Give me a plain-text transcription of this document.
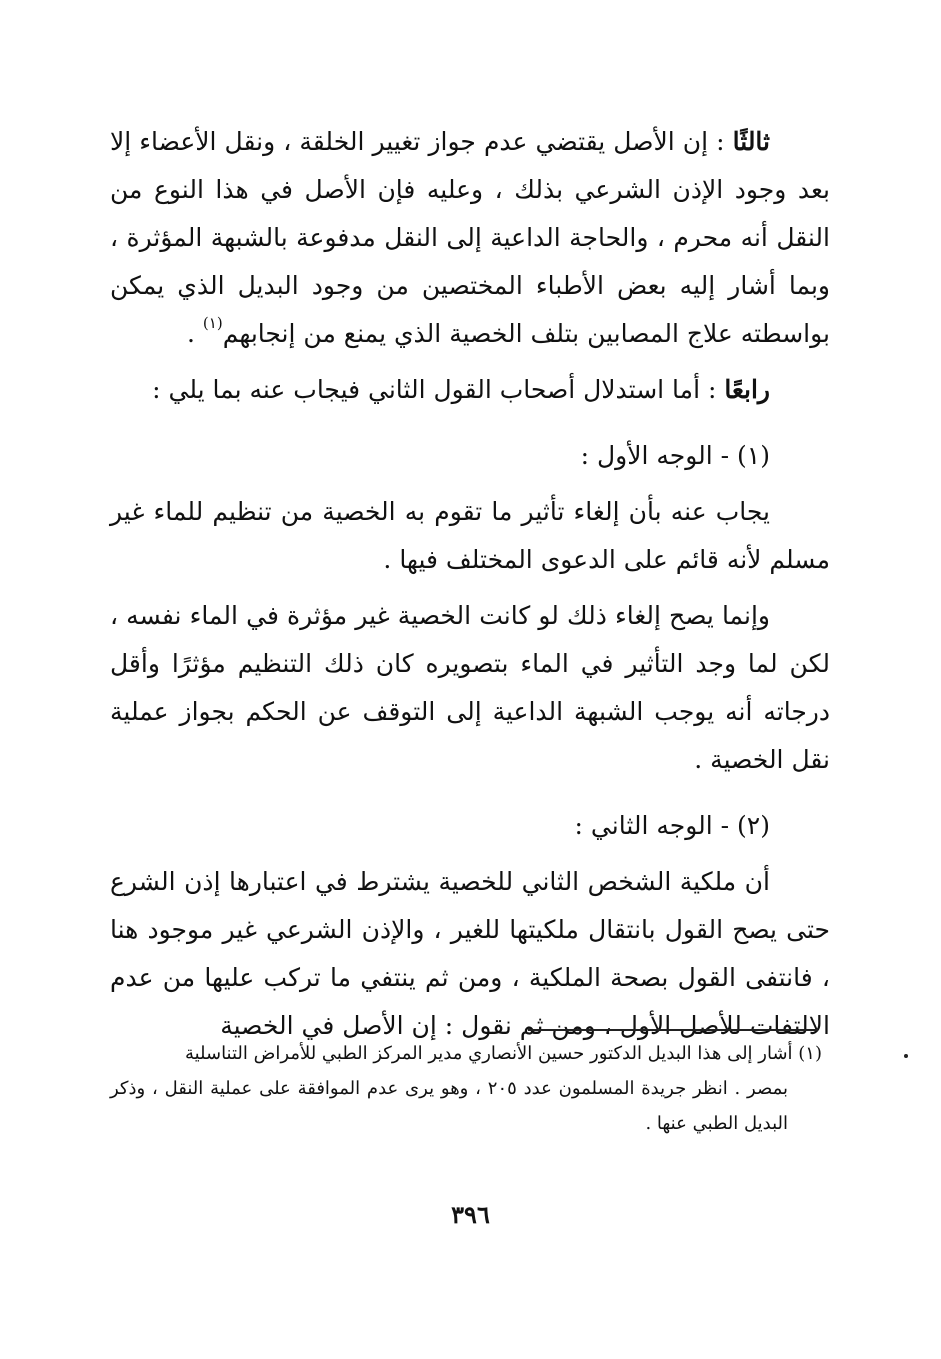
ثالثًا : إن الأصل يقتضي عدم جواز تغيير الخلقة ، ونقل الأعضاء إلا بعد وجود الإذن الشرعي بذلك ، وعليه فإن الأصل في هذا النوع من النقل أنه محرم ، والحاجة الداعية إلى النقل مدفوعة بالشبهة المؤثرة ، وبما أشار إليه بعض الأطباء المختصين من وجود البديل الذي يمكن بواسطته علاج المصابين بتلف الخصية الذي يمنع من إنجابهم$^{(١)}$ .

رابعًا : أما استدلال أصحاب القول الثاني فيجاب عنه بما يلي :

(١) - الوجه الأول :

يجاب عنه بأن إلغاء تأثير ما تقوم به الخصية من تنظيم للماء غير مسلم لأنه قائم على الدعوى المختلف فيها .

وإنما يصح إلغاء ذلك لو كانت الخصية غير مؤثرة في الماء نفسه ، لكن لما وجد التأثير في الماء بتصويره كان ذلك التنظيم مؤثرًا وأقل درجاته أنه يوجب الشبهة الداعية إلى التوقف عن الحكم بجواز عملية نقل الخصية .

(٢) - الوجه الثاني :

أن ملكية الشخص الثاني للخصية يشترط في اعتبارها إذن الشرع حتى يصح القول بانتقال ملكيتها للغير ، والإذن الشرعي غير موجود هنا ، فانتفى القول بصحة الملكية ، ومن ثم ينتفي ما تركب عليها من عدم الالتفات للأصل الأول ، ومن ثم نقول : إن الأصل في الخصية

(١) أشار إلى هذا البديل الدكتور حسين الأنصاري مدير المركز الطبي للأمراض التناسلية
بمصر . انظر جريدة المسلمون عدد ٢٠٥ ، وهو يرى عدم الموافقة على عملية النقل ، وذكر البديل الطبي عنها .
٣٩٦
